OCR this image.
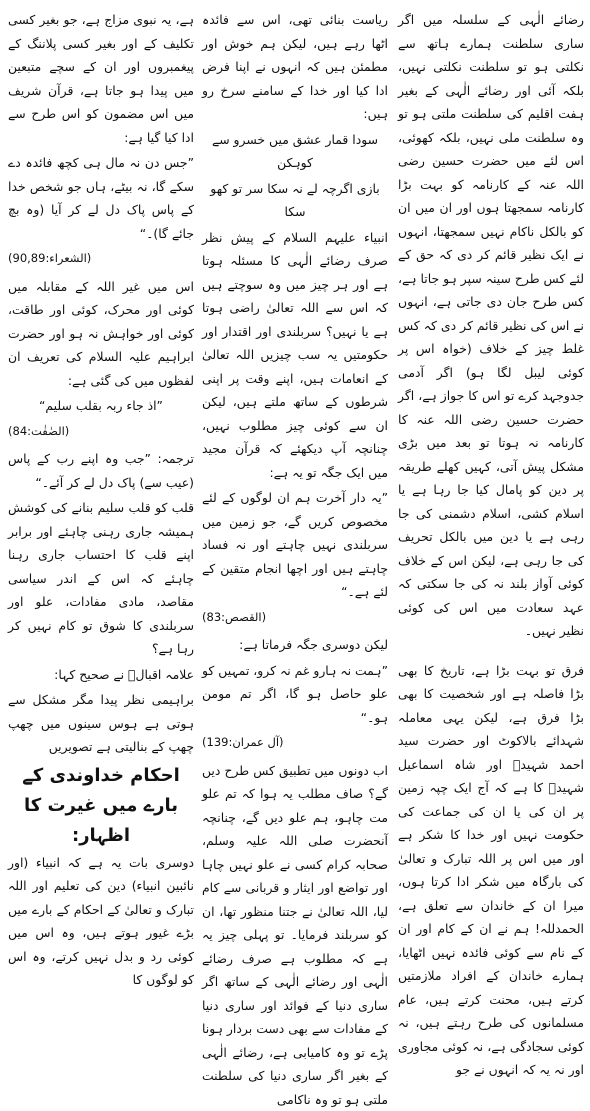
رضائے الٰہی کے سلسلہ میں اگر ساری سلطنت ہمارے ہاتھ سے نکلتی ہو تو سلطنت نکلتی نہیں، بلکہ آئی اور رضائے الٰہی کے بغیر ہفت اقلیم کی سلطنت ملتی ہو تو وہ سلطنت ملی نہیں، بلکہ کھوئی، اس لئے میں حضرت حسین رضی اللہ عنہ کے کارنامہ کو بہت بڑا کارنامہ سمجھتا ہوں اور ان میں ان کو بالکل ناکام نہیں سمجھتا، انہوں نے ایک نظیر قائم کر دی کہ حق کے لئے کس طرح سینہ سپر ہو جاتا ہے، کس طرح جان دی جاتی ہے، انہوں نے اس کی نظیر قائم کر دی کہ کس غلط چیز کے خلاف (خواہ اس پر کوئی لیبل لگا ہو) اگر آدمی جدوجہد کرے تو اس کا جواز ہے، اگر حضرت حسین رضی اللہ عنہ کا کارنامہ نہ ہوتا تو بعد میں بڑی مشکل پیش آتی، کہیں کھلے طریقہ پر دین کو پامال کیا جا رہا ہے یا اسلام کشی، اسلام دشمنی کی جا رہی ہے یا دین میں بالکل تحریف کی جا رہی ہے، لیکن اس کے خلاف کوئی آواز بلند نہ کی جا سکتی کہ عہد سعادت میں اس کی کوئی نظیر نہیں۔

فرق تو بہت بڑا ہے، تاریخ کا بھی بڑا فاصلہ ہے اور شخصیت کا بھی بڑا فرق ہے، لیکن یہی معاملہ شہدائے بالاکوٹ اور حضرت سید احمد شہیدؒ اور شاہ اسماعیل شہیدؒ کا ہے کہ آج ایک چپہ زمین پر ان کی یا ان کی جماعت کی حکومت نہیں اور خدا کا شکر ہے اور میں اس پر اللہ تبارک و تعالیٰ کی بارگاہ میں شکر ادا کرتا ہوں، میرا ان کے خاندان سے تعلق ہے، الحمدللہ! ہم نے ان کے کام اور ان کے نام سے کوئی فائدہ نہیں اٹھایا، ہمارے خاندان کے افراد ملازمتیں کرتے ہیں، محنت کرتے ہیں، عام مسلمانوں کی طرح رہتے ہیں، نہ کوئی سجادگی ہے، نہ کوئی مجاوری اور نہ یہ کہ انہوں نے جو

ریاست بنائی تھی، اس سے فائدہ اٹھا رہے ہیں، لیکن ہم خوش اور مطمئن ہیں کہ انہوں نے اپنا فرض ادا کیا اور خدا کے سامنے سرخ رو ہیں:

سودا قمار عشق میں خسرو سے کوہکن

بازی اگرچہ لے نہ سکا سر تو کھو سکا

انبیاء علیہم السلام کے پیش نظر صرف رضائے الٰہی کا مسئلہ ہوتا ہے اور ہر چیز میں وہ سوچتے ہیں کہ اس سے اللہ تعالیٰ راضی ہوتا ہے یا نہیں؟ سربلندی اور اقتدار اور حکومتیں یہ سب چیزیں اللہ تعالیٰ کے انعامات ہیں، اپنے وقت پر اپنی شرطوں کے ساتھ ملتے ہیں، لیکن ان سے کوئی چیز مطلوب نہیں، چنانچہ آپ دیکھئے کہ قرآن مجید میں ایک جگہ تو یہ ہے:

”یہ دار آخرت ہم ان لوگوں کے لئے مخصوص کریں گے، جو زمین میں سربلندی نہیں چاہتے اور نہ فساد چاہتے ہیں اور اچھا انجام متقین کے لئے ہے۔“

(القصص:83)

لیکن دوسری جگہ فرماتا ہے:

”ہمت نہ ہارو غم نہ کرو، تمہیں کو علو حاصل ہو گا، اگر تم مومن ہو۔“

(آل عمران:139)

اب دونوں میں تطبیق کس طرح دیں گے؟ صاف مطلب یہ ہوا کہ تم علو مت چاہو، ہم علو دیں گے، چنانچہ آنحضرت صلی اللہ علیہ وسلم، صحابہ کرام کسی نے علو نہیں چاہا اور تواضع اور ایثار و قربانی سے کام لیا، اللہ تعالیٰ نے جتنا منظور تھا، ان کو سربلند فرمایا۔ تو پہلی چیز یہ ہے کہ مطلوب ہے صرف رضائے الٰہی اور رضائے الٰہی کے ساتھ اگر ساری دنیا کے فوائد اور ساری دنیا کے مفادات سے بھی دست بردار ہونا پڑے تو وہ کامیابی ہے، رضائے الٰہی کے بغیر اگر ساری دنیا کی سلطنت ملتی ہو تو وہ ناکامی

ہے، یہ نبوی مزاج ہے، جو بغیر کسی تکلیف کے اور بغیر کسی پلاننگ کے پیغمبروں اور ان کے سچے متبعین میں پیدا ہو جاتا ہے، قرآن شریف میں اس مضمون کو اس طرح سے ادا کیا گیا ہے:

”جس دن نہ مال ہی کچھ فائدہ دے سکے گا، نہ بیٹے، ہاں جو شخص خدا کے پاس پاک دل لے کر آیا (وہ بچ جائے گا)۔“

(الشعراء:90,89)

اس میں غیر اللہ کے مقابلہ میں کوئی اور محرک، کوئی اور طاقت، کوئی اور خواہش نہ ہو اور حضرت ابراہیم علیہ السلام کی تعریف ان لفظوں میں کی گئی ہے:

”اذ جاء ربہ بقلب سلیم“

(الصٰفٰت:84)

ترجمہ: ”جب وہ اپنے رب کے پاس (عیب سے) پاک دل لے کر آئے۔“

قلب کو قلب سلیم بنانے کی کوشش ہمیشہ جاری رہنی چاہئے اور برابر اپنے قلب کا احتساب جاری رہنا چاہئے کہ اس کے اندر سیاسی مقاصد، مادی مفادات، علو اور سربلندی کا شوق تو کام نہیں کر رہا ہے؟

علامہ اقبالؒ نے صحیح کہا:

براہیمی نظر پیدا مگر مشکل سے ہوتی ہے ہوس سینوں میں چھپ چھپ کے بنالیتی ہے تصویریں

احکام خداوندی کے بارے میں غیرت کا اظہار:

دوسری بات یہ ہے کہ انبیاء (اور نائبین انبیاء) دین کی تعلیم اور اللہ تبارک و تعالیٰ کے احکام کے بارے میں بڑے غیور ہوتے ہیں، وہ اس میں کوئی رد و بدل نہیں کرتے، وہ اس کو لوگوں کا
